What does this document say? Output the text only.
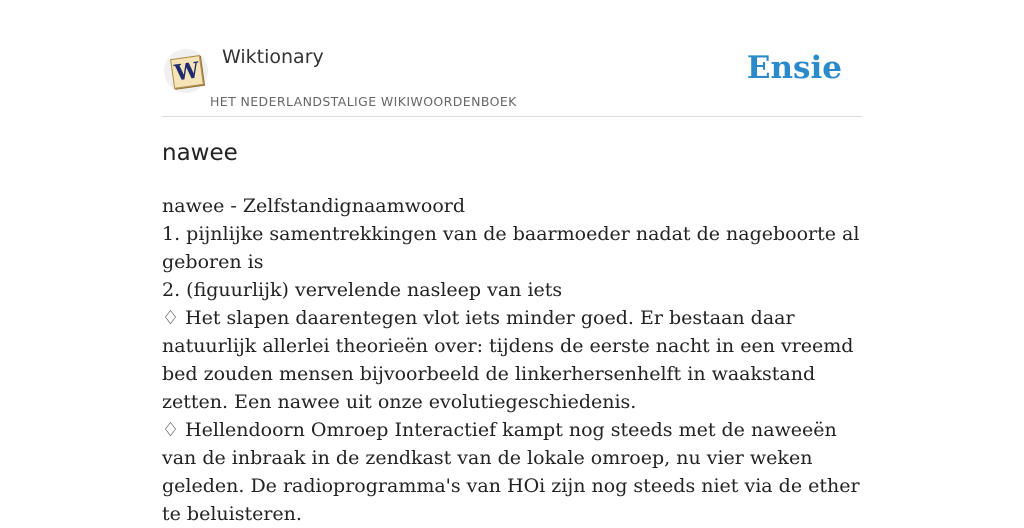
W
Wiktionary
HET NEDERLANDSTALIGE WIKIWOORDENBOEK
Ensie
nawee
nawee - Zelfstandignaamwoord
1. pijnlijke samentrekkingen van de baarmoeder nadat de nageboorte al geboren is
2. (figuurlijk) vervelende nasleep van iets
♢ Het slapen daarentegen vlot iets minder goed. Er bestaan daar natuurlijk allerlei theorieën over: tijdens de eerste nacht in een vreemd bed zouden mensen bijvoorbeeld de linkerhersenhelft in waakstand zetten. Een nawee uit onze evolutiegeschiedenis.
♢ Hellendoorn Omroep Interactief kampt nog steeds met de naweeën van de inbraak in de zendkast van de lokale omroep, nu vier weken geleden. De radioprogramma's van HOi zijn nog steeds niet via de ether te beluisteren.
